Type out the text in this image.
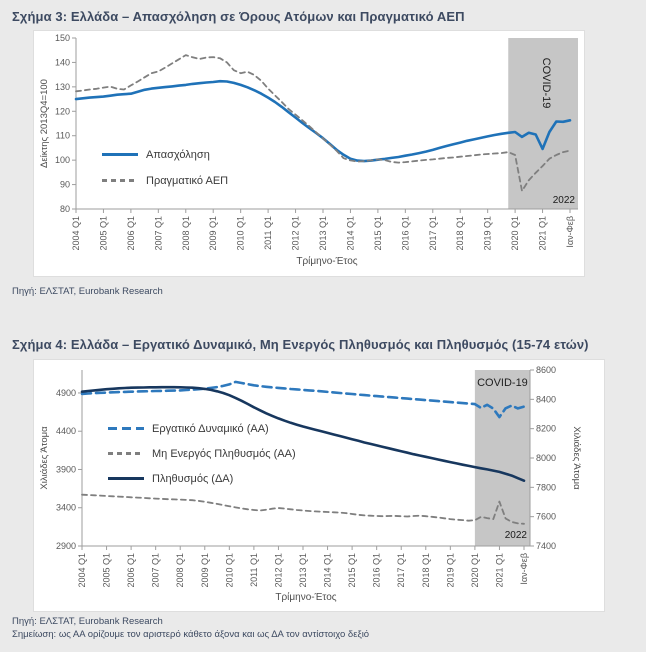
Σχήμα 3: Ελλάδα – Απασχόληση σε Όρους Ατόμων και Πραγματικό ΑΕΠ
COVID-19
2022
80
90
100
110
120
130
140
150
2004 Q1 2005 Q1 2006 Q1 2007 Q1 2008 Q1 2009 Q1 2010 Q1 2011 Q1 2012 Q1 2013 Q1 2014 Q1 2015 Q1 2016 Q1 2017 Q1 2018 Q1 2019 Q1 2020 Q1 2021 Q1 Ιαν-Φεβ
Δείκτης 2013Q4=100
Τρίμηνο-Έτος
Απασχόληση
Πραγματικό ΑΕΠ
Πηγή: ΕΛΣΤΑΤ, Eurobank Research
Σχήμα 4: Ελλάδα – Εργατικό Δυναμικό, Μη Ενεργός Πληθυσμός και Πληθυσμός (15-74 ετών)
COVID-19
2022
2900
3400
3900
4400
4900
7400
7600
7800
8000
8200
8400
8600
2004 Q1 2005 Q1 2006 Q1 2007 Q1 2008 Q1 2009 Q1 2010 Q1 2011 Q1 2012 Q1 2013 Q1 2014 Q1 2015 Q1 2016 Q1 2017 Q1 2018 Q1 2019 Q1 2020 Q1 2021 Q1 Ιαν-Φεβ
Χιλιάδες Άτομα	Χιλιάδες Άτομα
Τρίμηνο-Έτος
Εργατικό Δυναμικό (ΑΑ)
Μη Ενεργός Πληθυσμός (ΑΑ)
Πληθυσμός (ΔΑ)
Πηγή: ΕΛΣΤΑΤ, Eurobank Research
Σημείωση: ως ΑΑ ορίζουμε τον αριστερό κάθετο άξονα και ως ΔΑ τον αντίστοιχο δεξιό
